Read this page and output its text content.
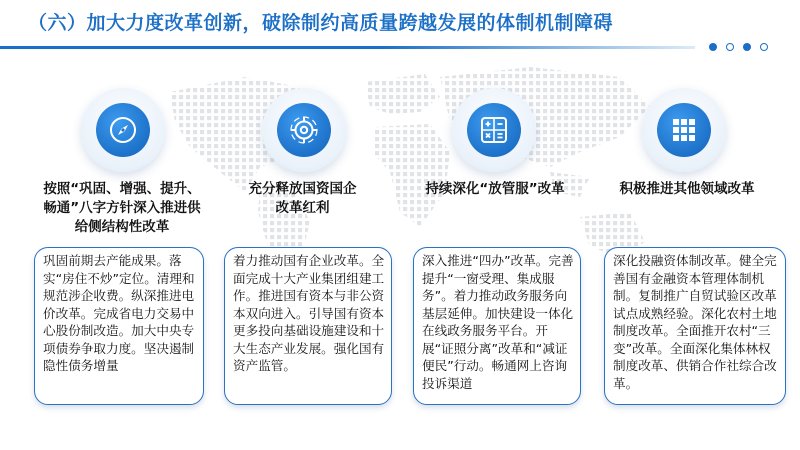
（六）加大力度改革创新，破除制约高质量跨越发展的体制机制障碍
按照“巩固、增强、提升、
畅通”八字方针深入推进供
给侧结构性改革
巩固前期去产能成果。落实“房住不炒”定位。清理和规范涉企收费。纵深推进电价改革。完成省电力交易中心股份制改造。加大中央专项债券争取力度。坚决遏制隐性债务增量
充分释放国资国企
改革红利
着力推动国有企业改革。全面完成十大产业集团组建工作。推进国有资本与非公资本双向进入。引导国有资本更多投向基础设施建设和十大生态产业发展。强化国有资产监管。
持续深化“放管服”改革
深入推进“四办”改革。完善提升“一窗受理、集成服务”。着力推动政务服务向基层延伸。加快建设一体化在线政务服务平台。开展“证照分离”改革和“减证便民”行动。畅通网上咨询投诉渠道
积极推进其他领域改革
深化投融资体制改革。健全完善国有金融资本管理体制机制。复制推广自贸试验区改革试点成熟经验。深化农村土地制度改革。全面推开农村“三变”改革。全面深化集体林权制度改革、供销合作社综合改革。
